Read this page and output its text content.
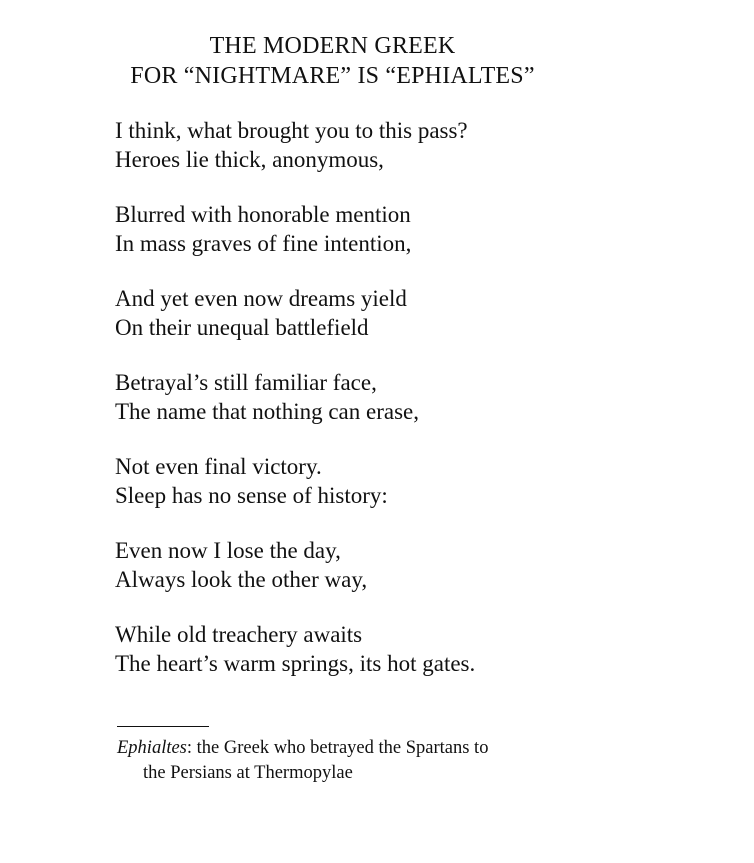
THE MODERN GREEK
FOR “NIGHTMARE” IS “EPHIALTES”
I think, what brought you to this pass?
Heroes lie thick, anonymous,
Blurred with honorable mention
In mass graves of fine intention,
And yet even now dreams yield
On their unequal battlefield
Betrayal’s still familiar face,
The name that nothing can erase,
Not even final victory.
Sleep has no sense of history:
Even now I lose the day,
Always look the other way,
While old treachery awaits
The heart’s warm springs, its hot gates.
Ephialtes: the Greek who betrayed the Spartans to
the Persians at Thermopylae
